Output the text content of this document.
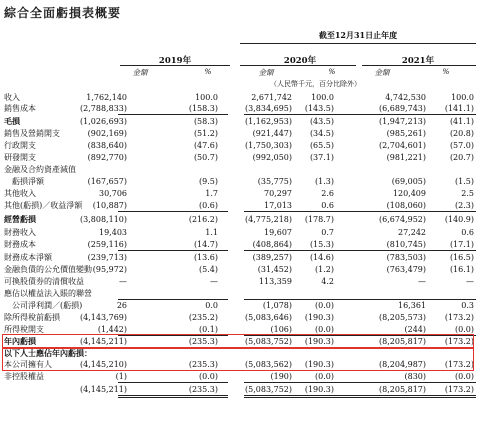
綜合全面虧損表概要
截至12月31日止年度
2019年	2020年	2021年
金額	%	金額	%	金額	%
（人民幣千元，百分比除外）
收入	1,762,140	100.0	2,671,742 100.0	4,742,530	100.0
銷售成本	(2,788,833)	(158.3)	(3,834,695) (143.5)	(6,689,743) (141.1)
毛損	(1,026,693)	(58.3)	(1,162,953) (43.5)	(1,947,213)	(41.1)
銷售及營銷開支	(902,169)	(51.2)	(921,447) (34.5)	(985,261)	(20.8)
行政開支	(838,640)	(47.6)	(1,750,303) (65.5)	(2,704,601)	(57.0)
研發開支	(892,770)	(50.7)	(992,050) (37.1)	(981,221)	(20.7)
金融及合約資產減值
　虧損淨額	(167,657)	(9.5)	(35,775)	(1.3)	(69,005)	(1.5)
其他收入	30,706	1.7	70,297	2.6	120,409	2.5
其他(虧損)／收益淨額 (10,887)	(0.6)	17,013	0.6	(108,060)	(2.3)
經營虧損	(3,808,110)	(216.2)	(4,775,218) (178.7)	(6,674,952) (140.9)
財務收入	19,403	1.1	19,607	0.7	27,242	0.6
財務成本	(259,116)	(14.7)	(408,864) (15.3)	(810,745)	(17.1)
財務成本淨額	(239,713)	(13.6)	(389,257) (14.6)	(783,503)	(16.5)
金融負債的公允價值變動 (95,972)	(5.4)	(31,452)	(1.2)	(763,479)	(16.1)
可換股債券的清償收益	—	—	113,359	4.2	—	—
應佔以權益法入賬的聯營
　公司淨利潤／(虧損)	26	0.0	(1,078)	(0.0)	16,361	0.3
除所得稅前虧損	(4,143,769)	(235.2)	(5,083,646) (190.3)	(8,205,573) (173.2)
所得稅開支	(1,442)	(0.1)	(106)	(0.0)	(244)	(0.0)
年內虧損	(4,145,211)	(235.3)	(5,083,752) (190.3)	(8,205,817) (173.2)
以下人士應佔年內虧損：
本公司擁有人	(4,145,210)	(235.3)	(5,083,562) (190.3)	(8,204,987) (173.2)
非控股權益	(1)	(0.0)	(190)	(0.0)	(830)	(0.0)
(4,145,211)	(235.3)	(5,083,752) (190.3)	(8,205,817) (173.2)
